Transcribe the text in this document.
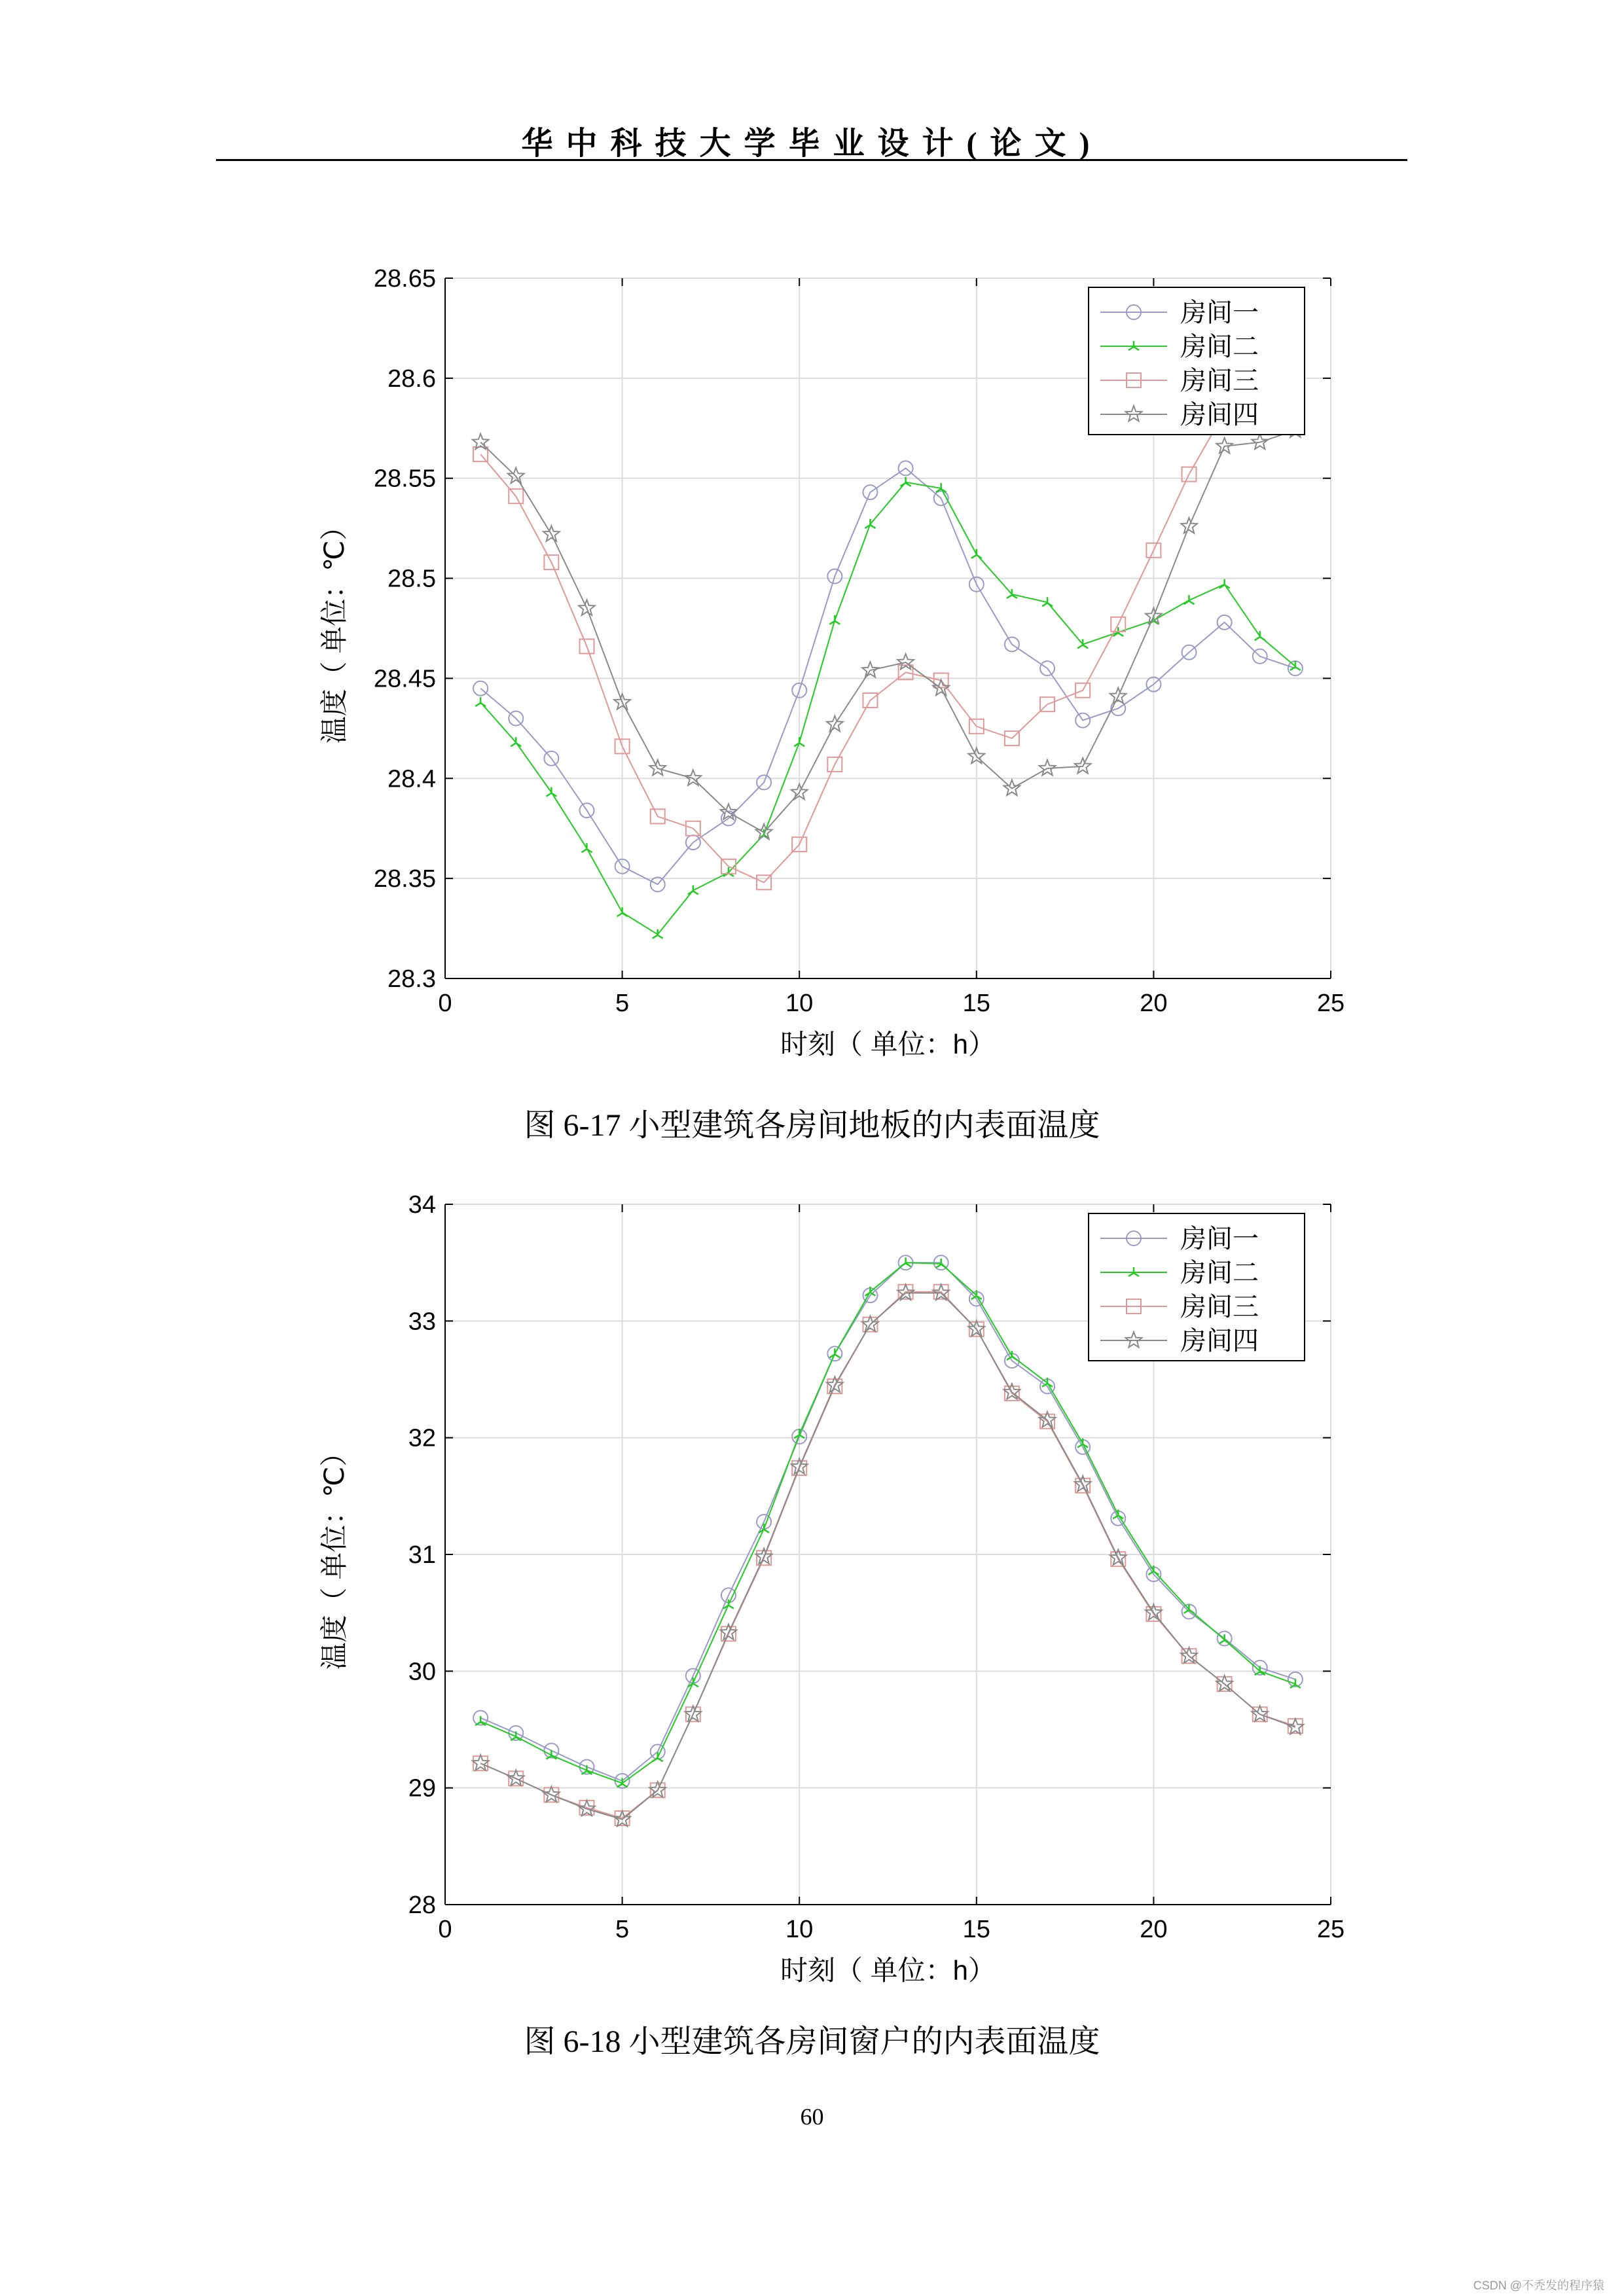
华中科技大学毕业设计(论文)
0	5	10	15	20	25
28.3
28.35
28.4
28.45
28.5
28.55
28.6
28.65
时刻（ 单位：h）
温度（ 单位：℃）
房间一
房间二
房间三
房间四
图 6-17 小型建筑各房间地板的内表面温度
0	5	10	15	20	25
28
29
30
31
32
33
34
时刻（ 单位：h）
温度（ 单位：℃）
房间一
房间二
房间三
房间四
图 6-18 小型建筑各房间窗户的内表面温度
60
CSDN @不秃发的程序猿
